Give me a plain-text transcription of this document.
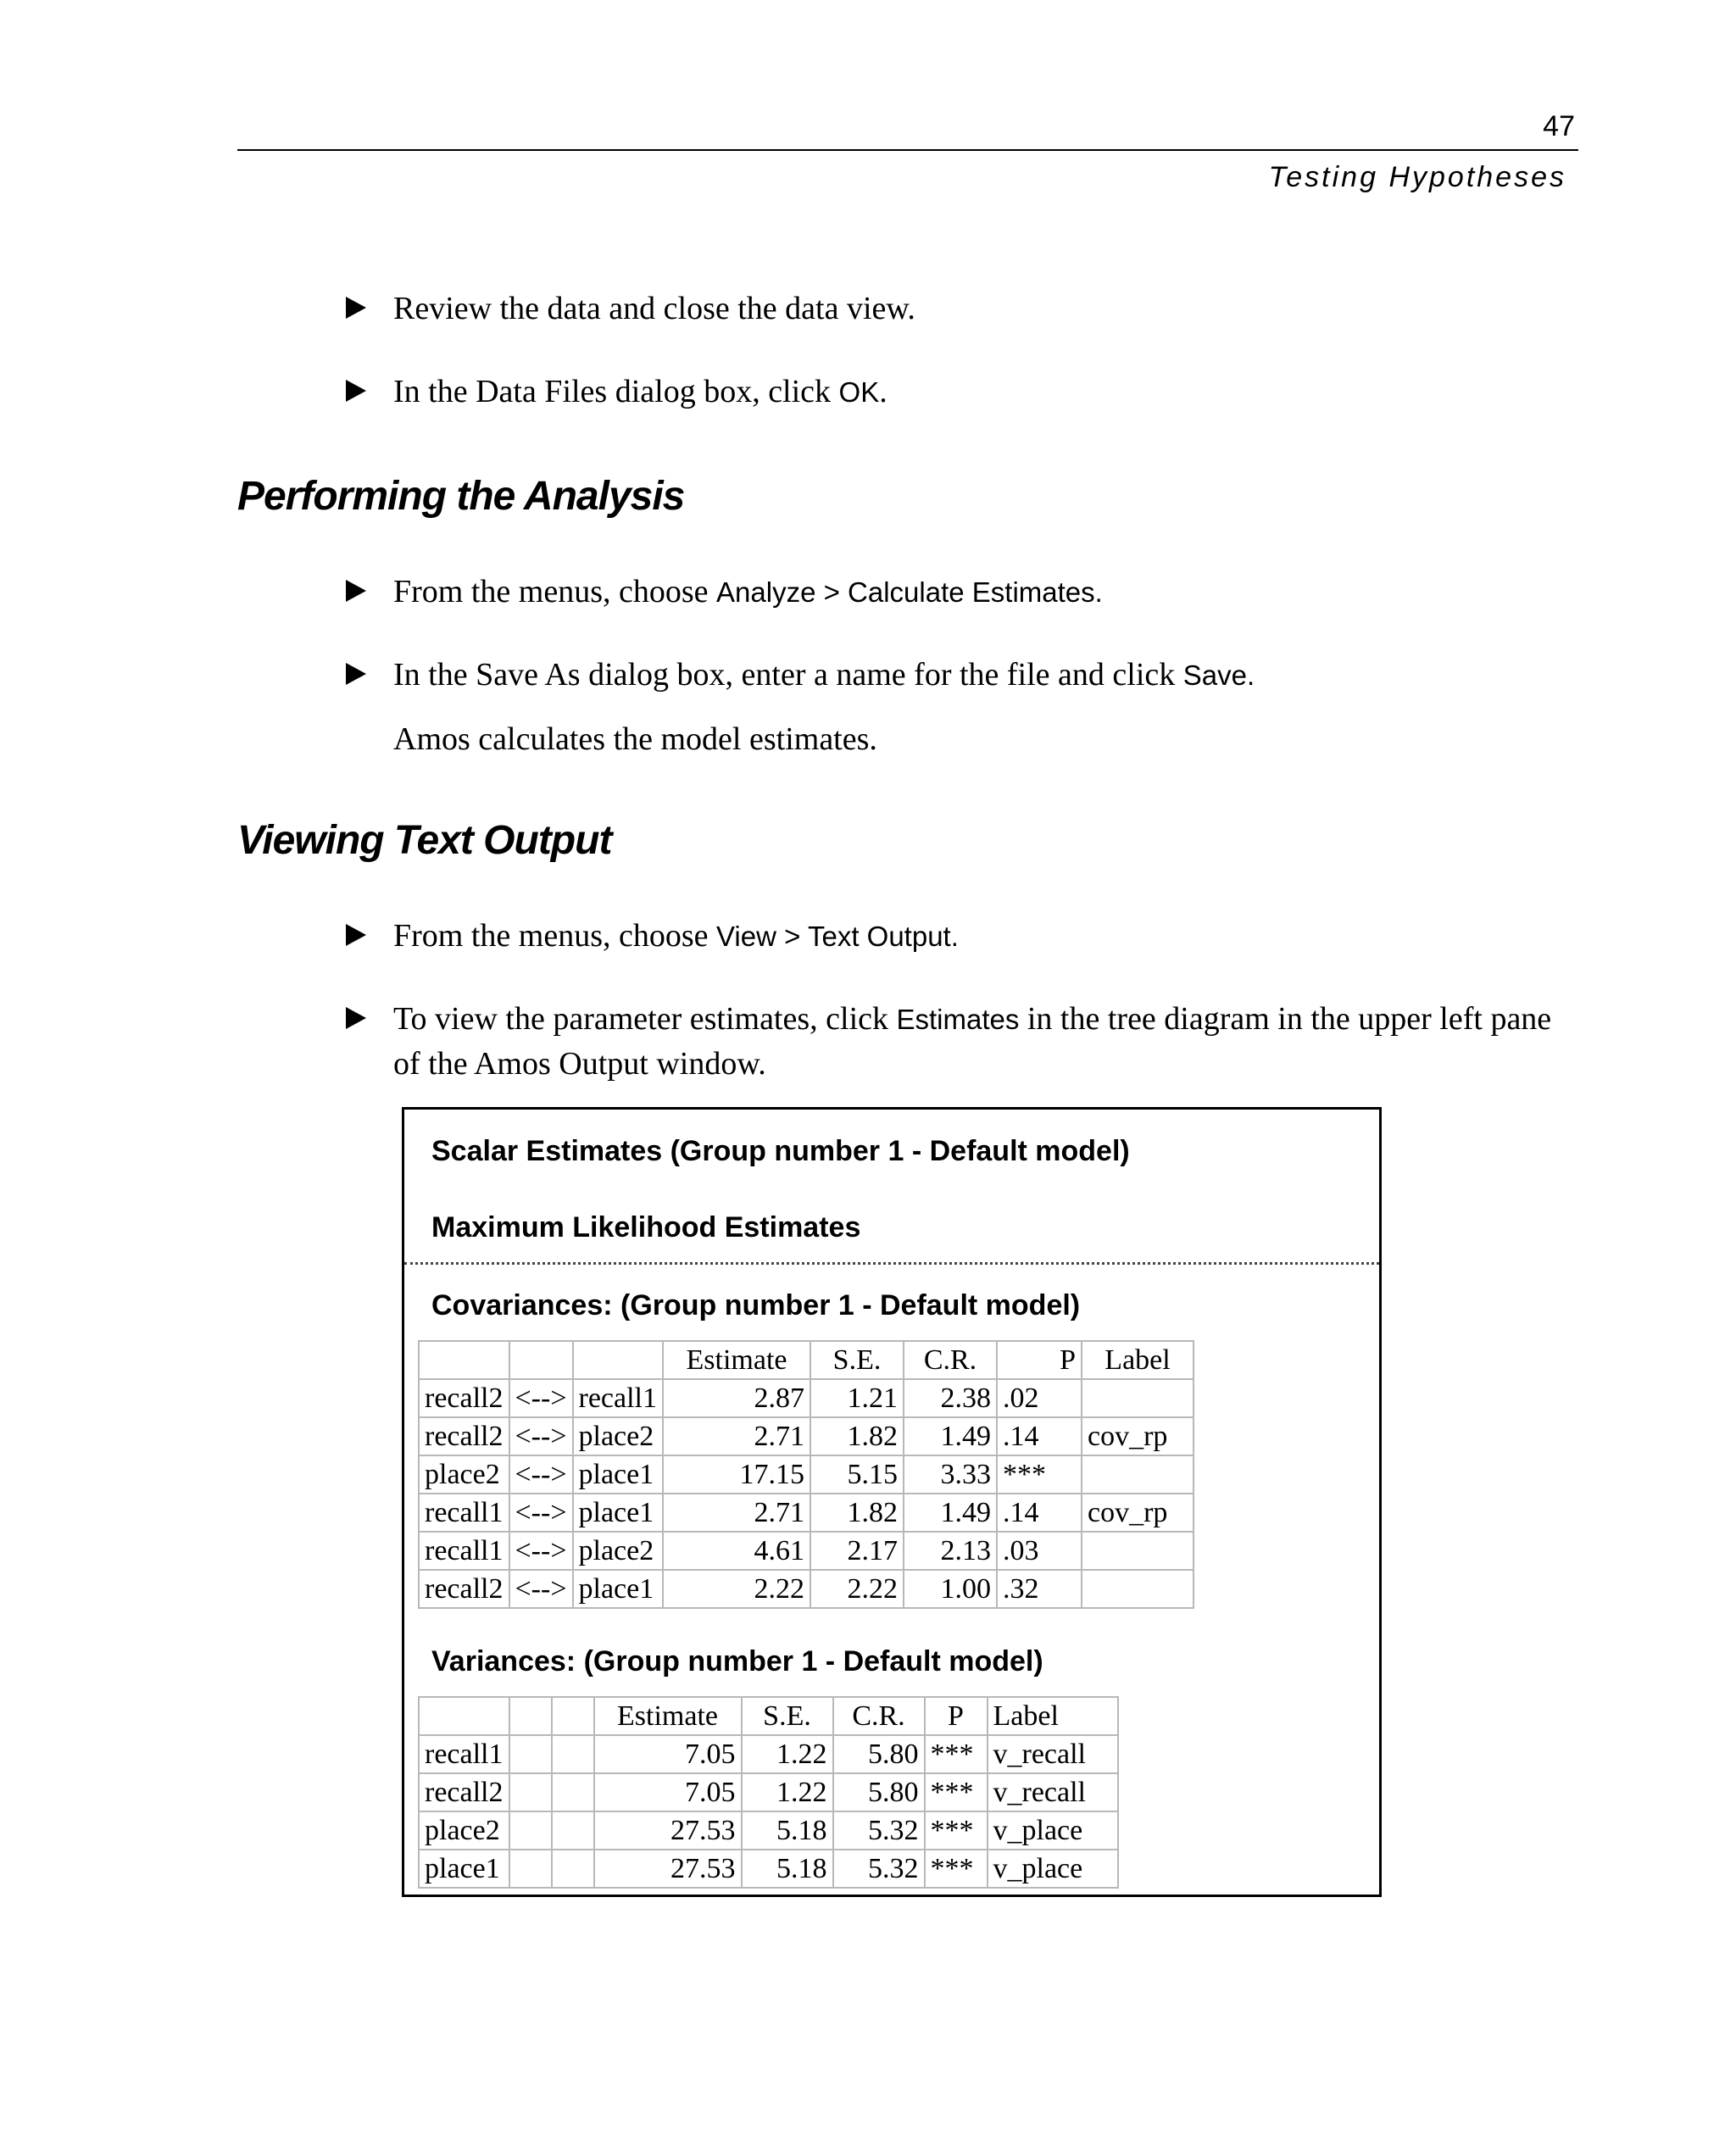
47
Testing Hypotheses
Review the data and close the data view.
In the Data Files dialog box, click OK.
Performing the Analysis
From the menus, choose Analyze > Calculate Estimates.
In the Save As dialog box, enter a name for the file and click Save.
Amos calculates the model estimates.
Viewing Text Output
From the menus, choose View > Text Output.
To view the parameter estimates, click Estimates in the tree diagram in the upper left pane of the Amos Output window.
Scalar Estimates (Group number 1 - Default model)
Maximum Likelihood Estimates
Covariances: (Group number 1 - Default model)
			Estimate	S.E.	C.R.	P	Label
recall2	<-->	recall1	2.87	1.21	2.38	.02	
recall2	<-->	place2	2.71	1.82	1.49	.14	cov_rp
place2	<-->	place1	17.15	5.15	3.33	***	
recall1	<-->	place1	2.71	1.82	1.49	.14	cov_rp
recall1	<-->	place2	4.61	2.17	2.13	.03	
recall2	<-->	place1	2.22	2.22	1.00	.32	
Variances: (Group number 1 - Default model)
			Estimate	S.E.	C.R.	P	Label
recall1			7.05	1.22	5.80	***	v_recall
recall2			7.05	1.22	5.80	***	v_recall
place2			27.53	5.18	5.32	***	v_place
place1			27.53	5.18	5.32	***	v_place
